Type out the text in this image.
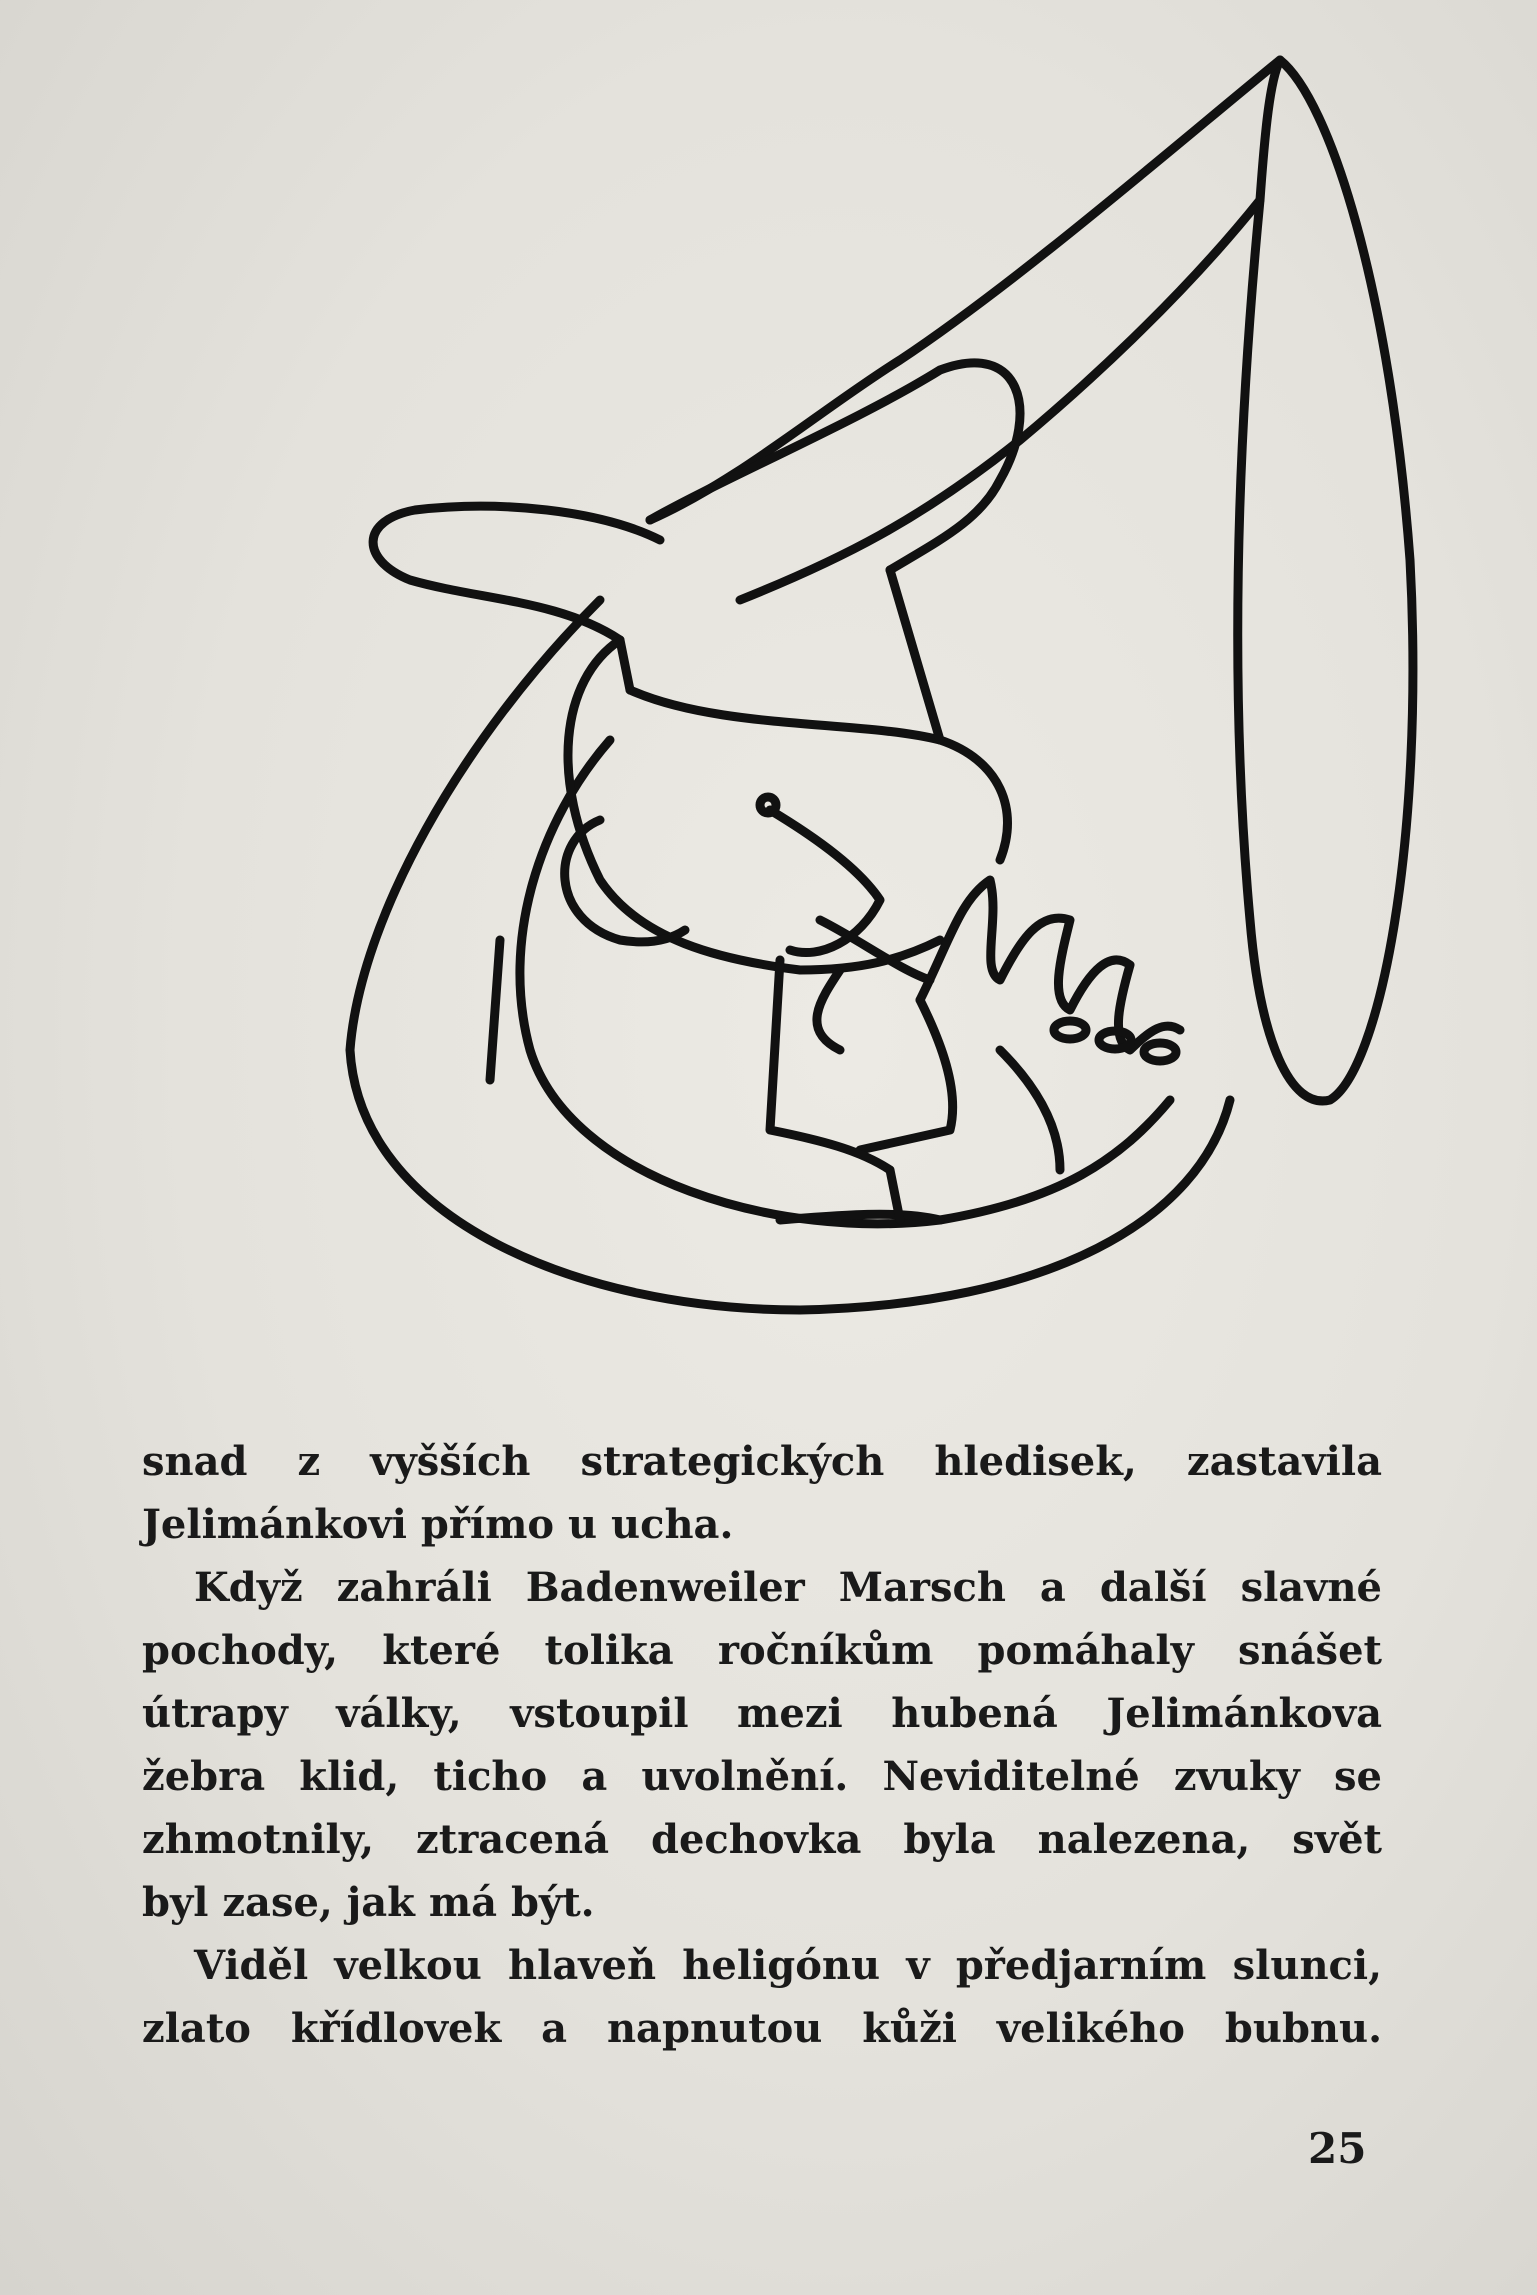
snad z vyšších strategických hledisek, zastavila
Jelimánkovi přímo u ucha.

Když zahráli Badenweiler Marsch a další slavné
pochody, které tolika ročníkům pomáhaly snášet
útrapy války, vstoupil mezi hubená Jelimánkova
žebra klid, ticho a uvolnění. Neviditelné zvuky se
zhmotnily, ztracená dechovka byla nalezena, svět
byl zase, jak má být.

Viděl velkou hlaveň heligónu v předjarním slunci,
zlato křídlovek a napnutou kůži velikého bubnu.

25
